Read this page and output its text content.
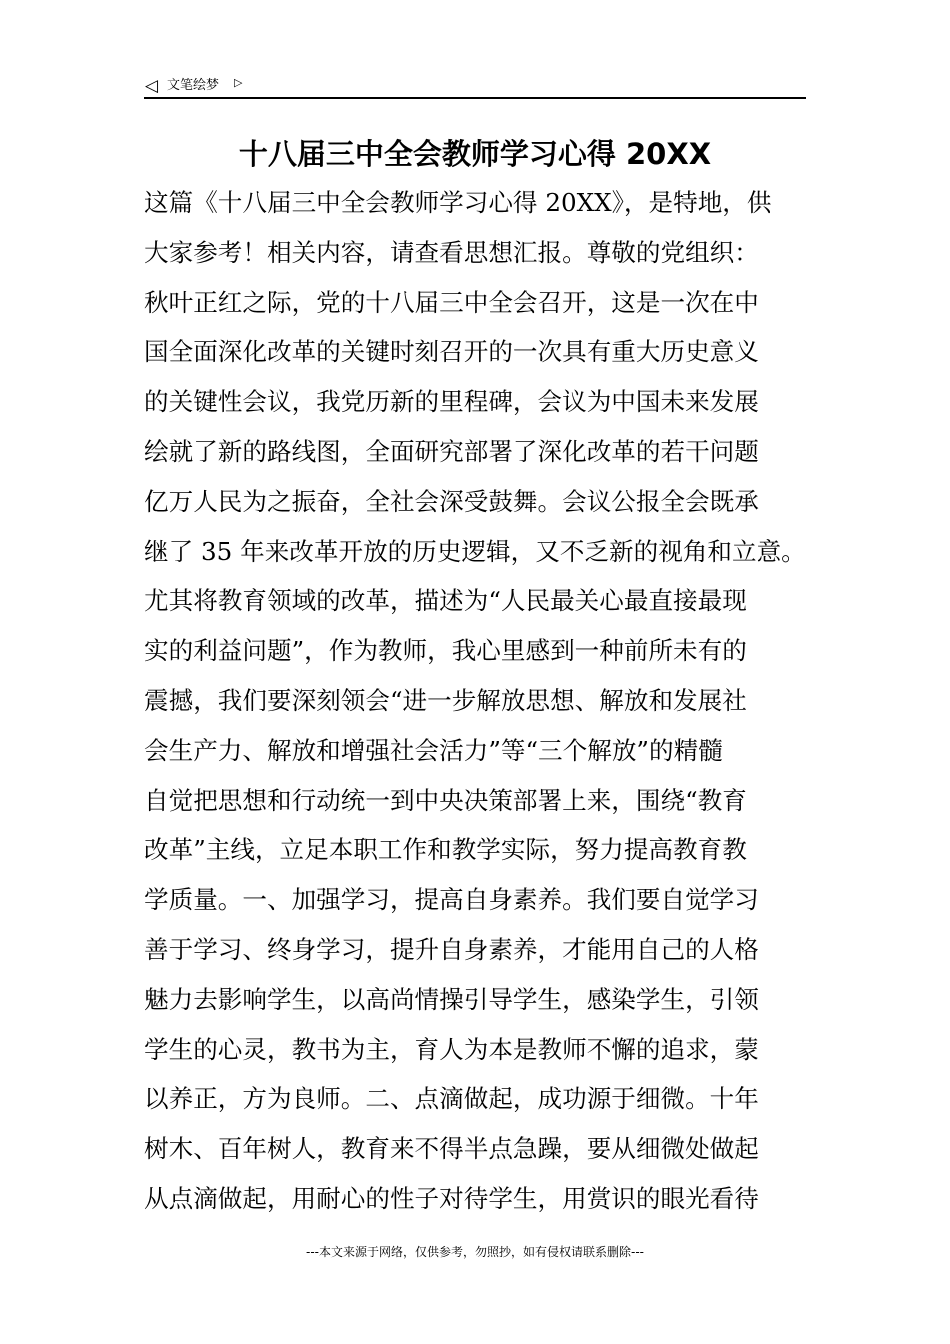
◁ 文笔绘梦 ▷
十八届三中全会教师学习心得 20XX
这篇《十八届三中全会教师学习心得 20XX》，是特地，供
大家参考！相关内容，请查看思想汇报。尊敬的党组织：
秋叶正红之际，党的十八届三中全会召开，这是一次在中
国全面深化改革的关键时刻召开的一次具有重大历史意义
的关键性会议，我党历新的里程碑，会议为中国未来发展
绘就了新的路线图，全面研究部署了深化改革的若干问题
亿万人民为之振奋，全社会深受鼓舞。会议公报全会既承
继了 35 年来改革开放的历史逻辑，又不乏新的视角和立意。
尤其将教育领域的改革，描述为“人民最关心最直接最现
实的利益问题”，作为教师，我心里感到一种前所未有的
震撼，我们要深刻领会“进一步解放思想、解放和发展社
会生产力、解放和增强社会活力”等“三个解放”的精髓
自觉把思想和行动统一到中央决策部署上来，围绕“教育
改革”主线，立足本职工作和教学实际，努力提高教育教
学质量。一、加强学习，提高自身素养。我们要自觉学习
善于学习、终身学习，提升自身素养，才能用自己的人格
魅力去影响学生，以高尚情操引导学生，感染学生，引领
学生的心灵，教书为主，育人为本是教师不懈的追求，蒙
以养正，方为良师。二、点滴做起，成功源于细微。十年
树木、百年树人，教育来不得半点急躁，要从细微处做起
从点滴做起，用耐心的性子对待学生，用赏识的眼光看待
---本文来源于网络，仅供参考，勿照抄，如有侵权请联系删除---
